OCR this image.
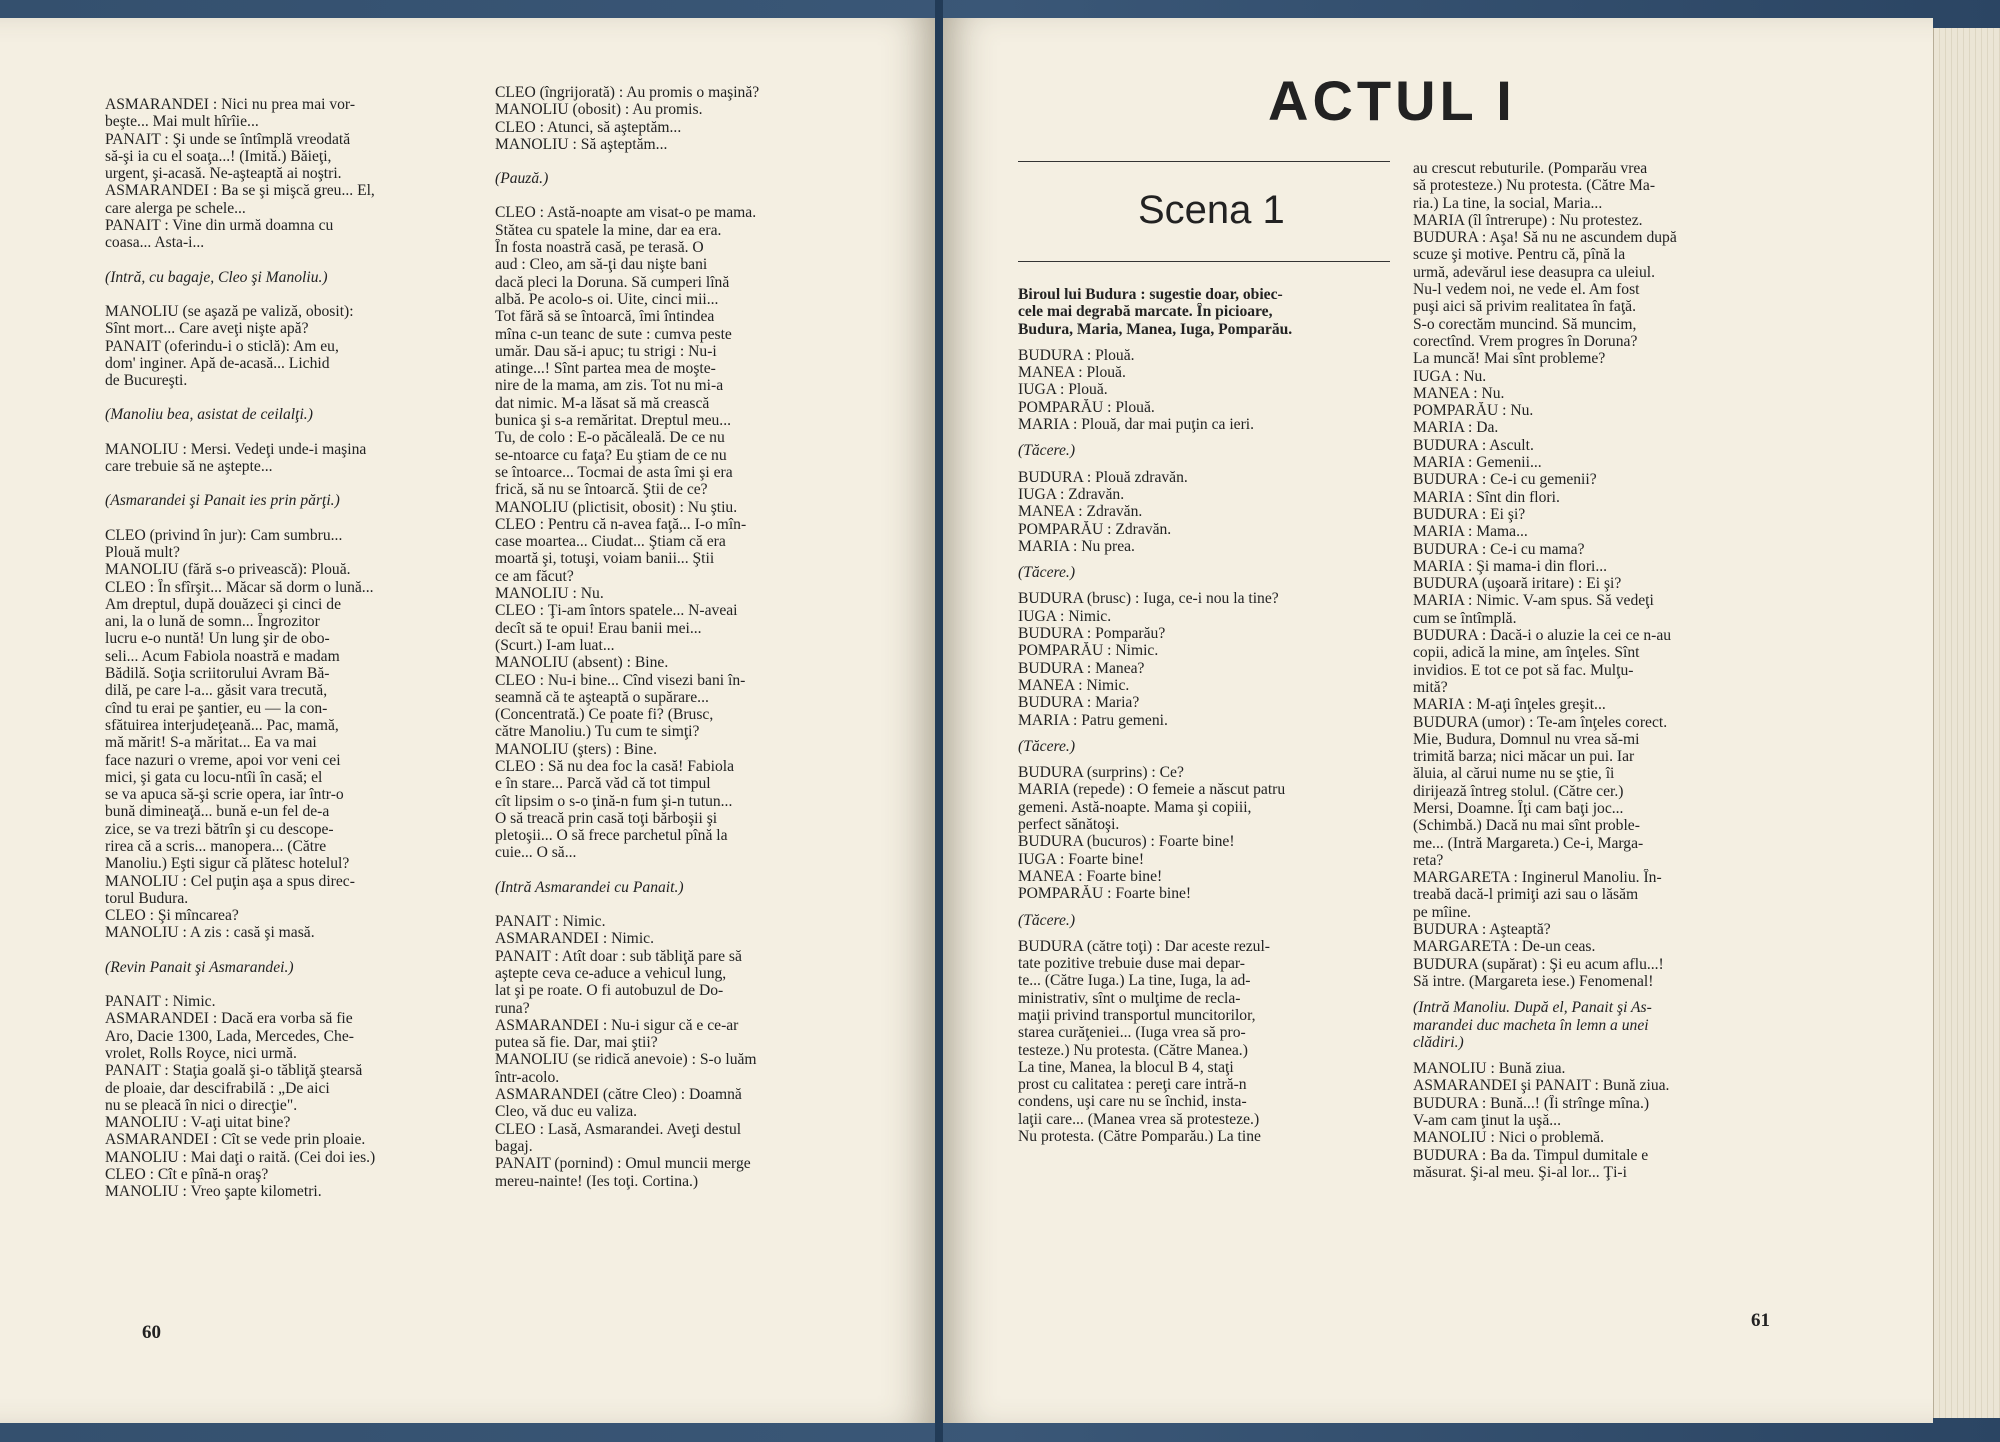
ASMARANDEI : Nici nu prea mai vor-
beşte... Mai mult hîrîie...
PANAIT : Şi unde se întîmplă vreodată
să-şi ia cu el soaţa...! (Imită.) Băieţi,
urgent, şi-acasă. Ne-aşteaptă ai noştri.
ASMARANDEI : Ba se şi mişcă greu... El,
care alerga pe schele...
PANAIT : Vine din urmă doamna cu
coasa... Asta-i...
(Intră, cu bagaje, Cleo şi Manoliu.)
MANOLIU (se aşază pe valiză, obosit):
Sînt mort... Care aveţi nişte apă?
PANAIT (oferindu-i o sticlă): Am eu,
dom' inginer. Apă de-acasă... Lichid
de Bucureşti.
(Manoliu bea, asistat de ceilalţi.)
MANOLIU : Mersi. Vedeţi unde-i maşina
care trebuie să ne aştepte...
(Asmarandei şi Panait ies prin părţi.)
CLEO (privind în jur): Cam sumbru...
Plouă mult?
MANOLIU (fără s-o privească): Plouă.
CLEO : În sfîrşit... Măcar să dorm o lună...
Am dreptul, după douăzeci şi cinci de
ani, la o lună de somn... Îngrozitor
lucru e-o nuntă! Un lung şir de obo-
seli... Acum Fabiola noastră e madam
Bădilă. Soţia scriitorului Avram Bă-
dilă, pe care l-a... găsit vara trecută,
cînd tu erai pe şantier, eu — la con-
sfătuirea interjudeţeană... Pac, mamă,
mă mărit! S-a măritat... Ea va mai
face nazuri o vreme, apoi vor veni cei
mici, şi gata cu locu-ntîi în casă; el
se va apuca să-şi scrie opera, iar într-o
bună dimineaţă... bună e-un fel de-a
zice, se va trezi bătrîn şi cu descope-
rirea că a scris... manopera... (Către
Manoliu.) Eşti sigur că plătesc hotelul?
MANOLIU : Cel puţin aşa a spus direc-
torul Budura.
CLEO : Şi mîncarea?
MANOLIU : A zis : casă şi masă.
(Revin Panait şi Asmarandei.)
PANAIT : Nimic.
ASMARANDEI : Dacă era vorba să fie
Aro, Dacie 1300, Lada, Mercedes, Che-
vrolet, Rolls Royce, nici urmă.
PANAIT : Staţia goală şi-o tăbliţă ştearsă
de ploaie, dar descifrabilă : „De aici
nu se pleacă în nici o direcţie".
MANOLIU : V-aţi uitat bine?
ASMARANDEI : Cît se vede prin ploaie.
MANOLIU : Mai daţi o raită. (Cei doi ies.)
CLEO : Cît e pînă-n oraş?
MANOLIU : Vreo şapte kilometri.
CLEO (îngrijorată) : Au promis o maşină?
MANOLIU (obosit) : Au promis.
CLEO : Atunci, să aşteptăm...
MANOLIU : Să aşteptăm...
(Pauză.)
CLEO : Astă-noapte am visat-o pe mama.
Stătea cu spatele la mine, dar ea era.
În fosta noastră casă, pe terasă. O
aud : Cleo, am să-ţi dau nişte bani
dacă pleci la Doruna. Să cumperi lînă
albă. Pe acolo-s oi. Uite, cinci mii...
Tot fără să se întoarcă, îmi întindea
mîna c-un teanc de sute : cumva peste
umăr. Dau să-i apuc; tu strigi : Nu-i
atinge...! Sînt partea mea de moşte-
nire de la mama, am zis. Tot nu mi-a
dat nimic. M-a lăsat să mă crească
bunica şi s-a remăritat. Dreptul meu...
Tu, de colo : E-o păcăleală. De ce nu
se-ntoarce cu faţa? Eu ştiam de ce nu
se întoarce... Tocmai de asta îmi şi era
frică, să nu se întoarcă. Ştii de ce?
MANOLIU (plictisit, obosit) : Nu ştiu.
CLEO : Pentru că n-avea faţă... I-o mîn-
case moartea... Ciudat... Ştiam că era
moartă şi, totuşi, voiam banii... Ştii
ce am făcut?
MANOLIU : Nu.
CLEO : Ţi-am întors spatele... N-aveai
decît să te opui! Erau banii mei...
(Scurt.) I-am luat...
MANOLIU (absent) : Bine.
CLEO : Nu-i bine... Cînd visezi bani în-
seamnă că te aşteaptă o supărare...
(Concentrată.) Ce poate fi? (Brusc,
către Manoliu.) Tu cum te simţi?
MANOLIU (şters) : Bine.
CLEO : Să nu dea foc la casă! Fabiola
e în stare... Parcă văd că tot timpul
cît lipsim o s-o ţină-n fum şi-n tutun...
O să treacă prin casă toţi bărboşii şi
pletoşii... O să frece parchetul pînă la
cuie... O să...
(Intră Asmarandei cu Panait.)
PANAIT : Nimic.
ASMARANDEI : Nimic.
PANAIT : Atît doar : sub tăbliţă pare să
aştepte ceva ce-aduce a vehicul lung,
lat şi pe roate. O fi autobuzul de Do-
runa?
ASMARANDEI : Nu-i sigur că e ce-ar
putea să fie. Dar, mai ştii?
MANOLIU (se ridică anevoie) : S-o luăm
într-acolo.
ASMARANDEI (către Cleo) : Doamnă
Cleo, vă duc eu valiza.
CLEO : Lasă, Asmarandei. Aveţi destul
bagaj.
PANAIT (pornind) : Omul muncii merge
mereu-nainte! (Ies toţi. Cortina.)
60
ACTUL I
Scena 1
Biroul lui Budura : sugestie doar, obiec-
cele mai degrabă marcate. În picioare,
Budura, Maria, Manea, Iuga, Pomparău.
BUDURA : Plouă.
MANEA : Plouă.
IUGA : Plouă.
POMPARĂU : Plouă.
MARIA : Plouă, dar mai puţin ca ieri.
(Tăcere.)
BUDURA : Plouă zdravăn.
IUGA : Zdravăn.
MANEA : Zdravăn.
POMPARĂU : Zdravăn.
MARIA : Nu prea.
(Tăcere.)
BUDURA (brusc) : Iuga, ce-i nou la tine?
IUGA : Nimic.
BUDURA : Pomparău?
POMPARĂU : Nimic.
BUDURA : Manea?
MANEA : Nimic.
BUDURA : Maria?
MARIA : Patru gemeni.
(Tăcere.)
BUDURA (surprins) : Ce?
MARIA (repede) : O femeie a născut patru
gemeni. Astă-noapte. Mama şi copiii,
perfect sănătoşi.
BUDURA (bucuros) : Foarte bine!
IUGA : Foarte bine!
MANEA : Foarte bine!
POMPARĂU : Foarte bine!
(Tăcere.)
BUDURA (către toţi) : Dar aceste rezul-
tate pozitive trebuie duse mai depar-
te... (Către Iuga.) La tine, Iuga, la ad-
ministrativ, sînt o mulţime de recla-
maţii privind transportul muncitorilor,
starea curăţeniei... (Iuga vrea să pro-
testeze.) Nu protesta. (Către Manea.)
La tine, Manea, la blocul B 4, staţi
prost cu calitatea : pereţi care intră-n
condens, uşi care nu se închid, insta-
laţii care... (Manea vrea să protesteze.)
Nu protesta. (Către Pomparău.) La tine
au crescut rebuturile. (Pomparău vrea
să protesteze.) Nu protesta. (Către Ma-
ria.) La tine, la social, Maria...
MARIA (îl întrerupe) : Nu protestez.
BUDURA : Aşa! Să nu ne ascundem după
scuze şi motive. Pentru că, pînă la
urmă, adevărul iese deasupra ca uleiul.
Nu-l vedem noi, ne vede el. Am fost
puşi aici să privim realitatea în faţă.
S-o corectăm muncind. Să muncim,
corectînd. Vrem progres în Doruna?
La muncă! Mai sînt probleme?
IUGA : Nu.
MANEA : Nu.
POMPARĂU : Nu.
MARIA : Da.
BUDURA : Ascult.
MARIA : Gemenii...
BUDURA : Ce-i cu gemenii?
MARIA : Sînt din flori.
BUDURA : Ei şi?
MARIA : Mama...
BUDURA : Ce-i cu mama?
MARIA : Şi mama-i din flori...
BUDURA (uşoară iritare) : Ei şi?
MARIA : Nimic. V-am spus. Să vedeţi
cum se întîmplă.
BUDURA : Dacă-i o aluzie la cei ce n-au
copii, adică la mine, am înţeles. Sînt
invidios. E tot ce pot să fac. Mulţu-
mită?
MARIA : M-aţi înţeles greşit...
BUDURA (umor) : Te-am înţeles corect.
Mie, Budura, Domnul nu vrea să-mi
trimită barza; nici măcar un pui. Iar
ăluia, al cărui nume nu se ştie, îi
dirijează întreg stolul. (Către cer.)
Mersi, Doamne. Îţi cam baţi joc...
(Schimbă.) Dacă nu mai sînt proble-
me... (Intră Margareta.) Ce-i, Marga-
reta?
MARGARETA : Inginerul Manoliu. În-
treabă dacă-l primiţi azi sau o lăsăm
pe mîine.
BUDURA : Aşteaptă?
MARGARETA : De-un ceas.
BUDURA (supărat) : Şi eu acum aflu...!
Să intre. (Margareta iese.) Fenomenal!
(Intră Manoliu. După el, Panait şi As-
marandei duc macheta în lemn a unei
clădiri.)
MANOLIU : Bună ziua.
ASMARANDEI şi PANAIT : Bună ziua.
BUDURA : Bună...! (Îi strînge mîna.)
V-am cam ţinut la uşă...
MANOLIU : Nici o problemă.
BUDURA : Ba da. Timpul dumitale e
măsurat. Şi-al meu. Şi-al lor... Ţi-i
61
